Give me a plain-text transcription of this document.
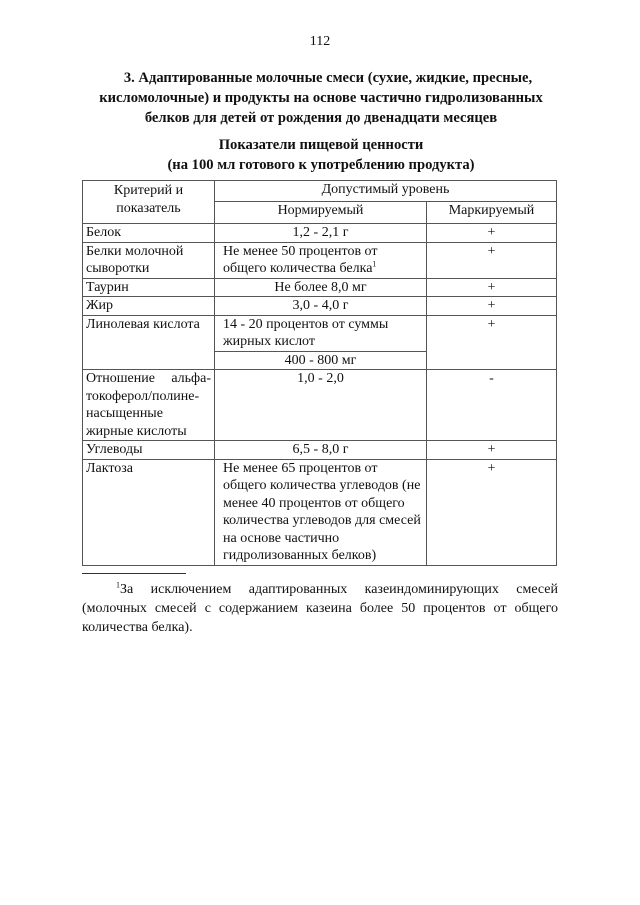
112
3. Адаптированные молочные смеси (сухие, жидкие, пресные,
кисломолочные) и продукты на основе частично гидролизованных
белков для детей от рождения до двенадцати месяцев
Показатели пищевой ценности
(на 100 мл готового к употреблению продукта)
Критерий и показатель	Допустимый уровень	
	Нормируемый	Маркируемый
Белок	1,2 - 2,1 г	+
Белки молочной сыворотки	Не менее 50 процентов от общего количества белка$^1$	+
Таурин	Не более 8,0 мг	+
Жир	3,0 - 4,0 г	+
Линолевая кислота	14 - 20 процентов от суммы жирных кислот	+
	400 - 800 мг	
Отношение альфа-токоферол/полине-насыщенные жирные кислоты	1,0 - 2,0	-
Углеводы	6,5 - 8,0 г	+
Лактоза	Не менее 65 процентов от общего количества углеводов (не менее 40 процентов от общего количества углеводов для смесей на основе частично гидролизованных белков)	+
$^1$За исключением адаптированных казеиндоминирующих смесей
(молочных смесей с содержанием казеина более 50 процентов от общего количества белка).
